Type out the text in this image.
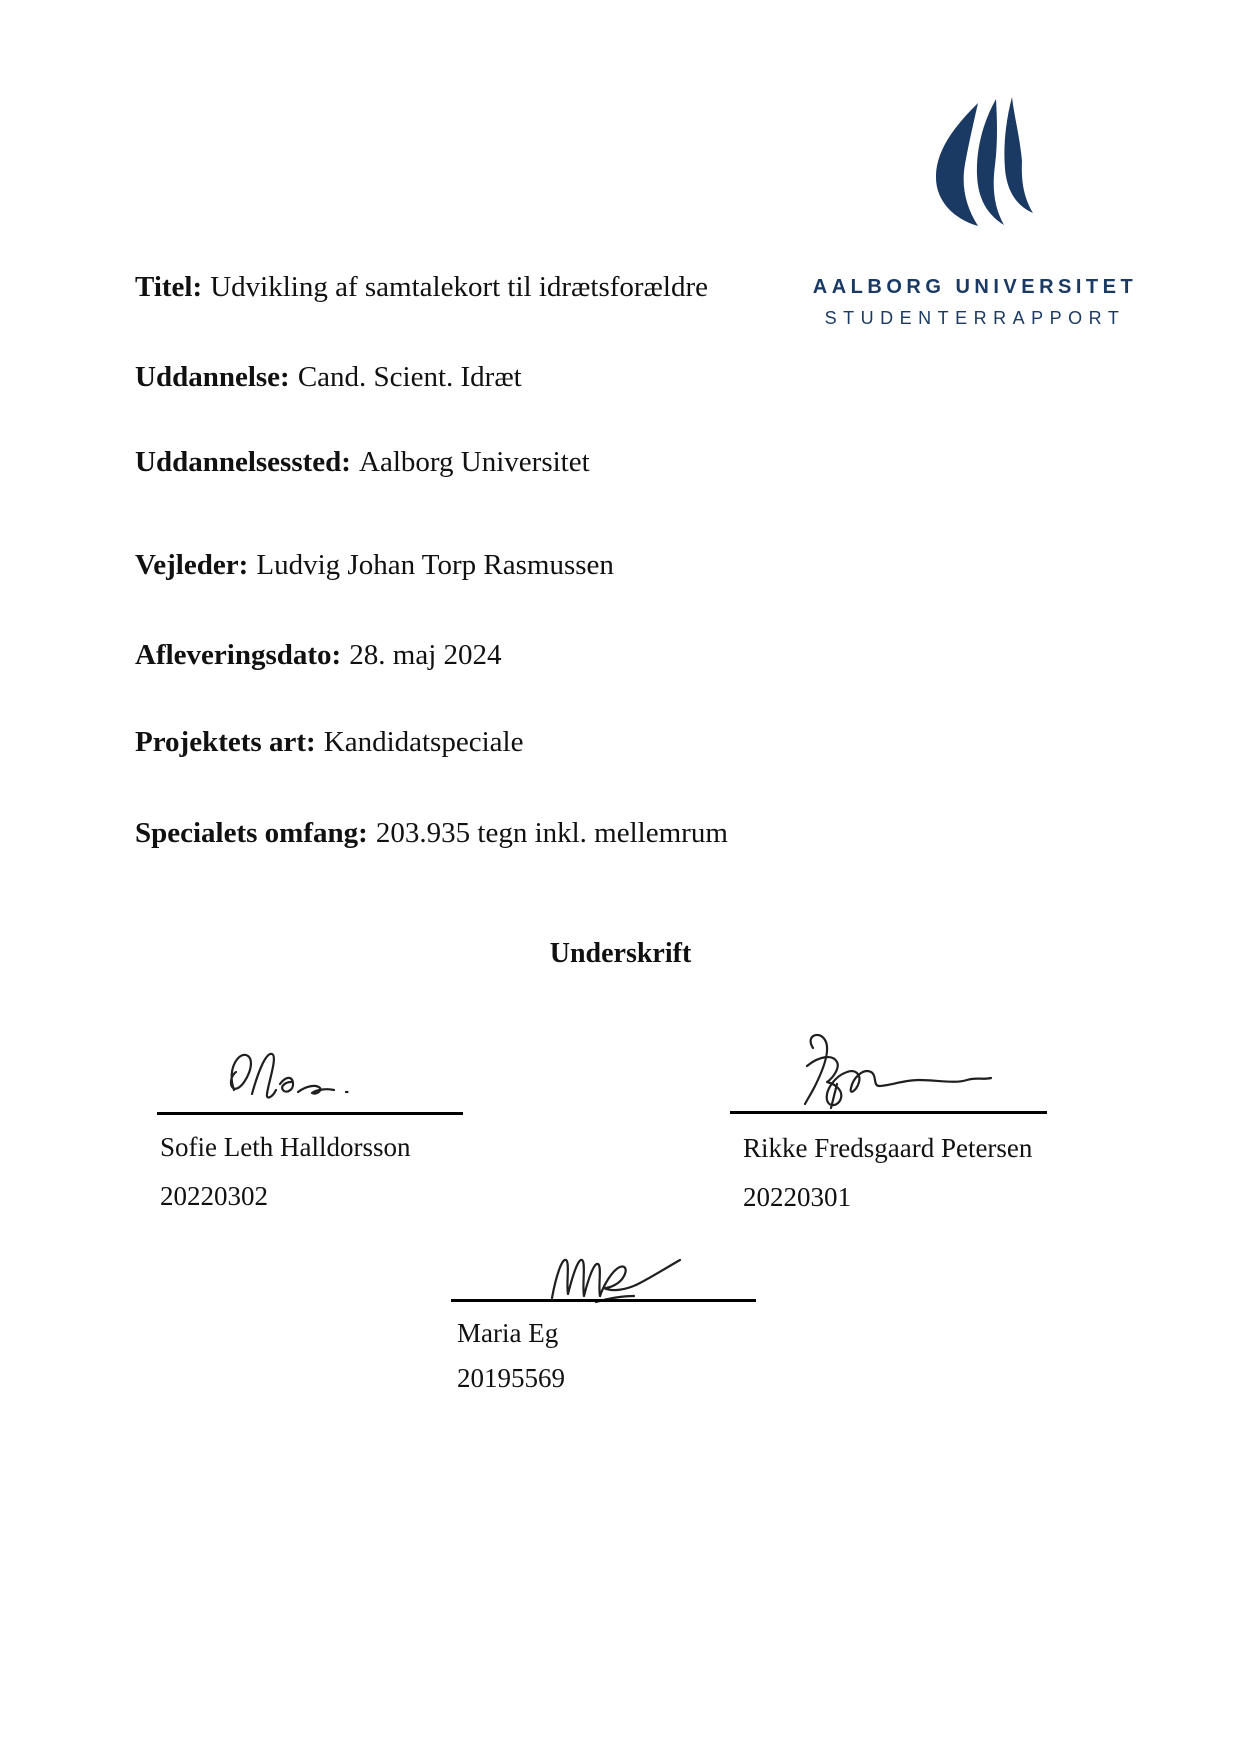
AALBORG UNIVERSITET
STUDENTERRAPPORT
Titel: Udvikling af samtalekort til idrætsforældre
Uddannelse: Cand. Scient. Idræt
Uddannelsessted: Aalborg Universitet
Vejleder: Ludvig Johan Torp Rasmussen
Afleveringsdato: 28. maj 2024
Projektets art: Kandidatspeciale
Specialets omfang: 203.935 tegn inkl. mellemrum
Underskrift
Sofie Leth Halldorsson
20220302
Rikke Fredsgaard Petersen
20220301
Maria Eg
20195569
